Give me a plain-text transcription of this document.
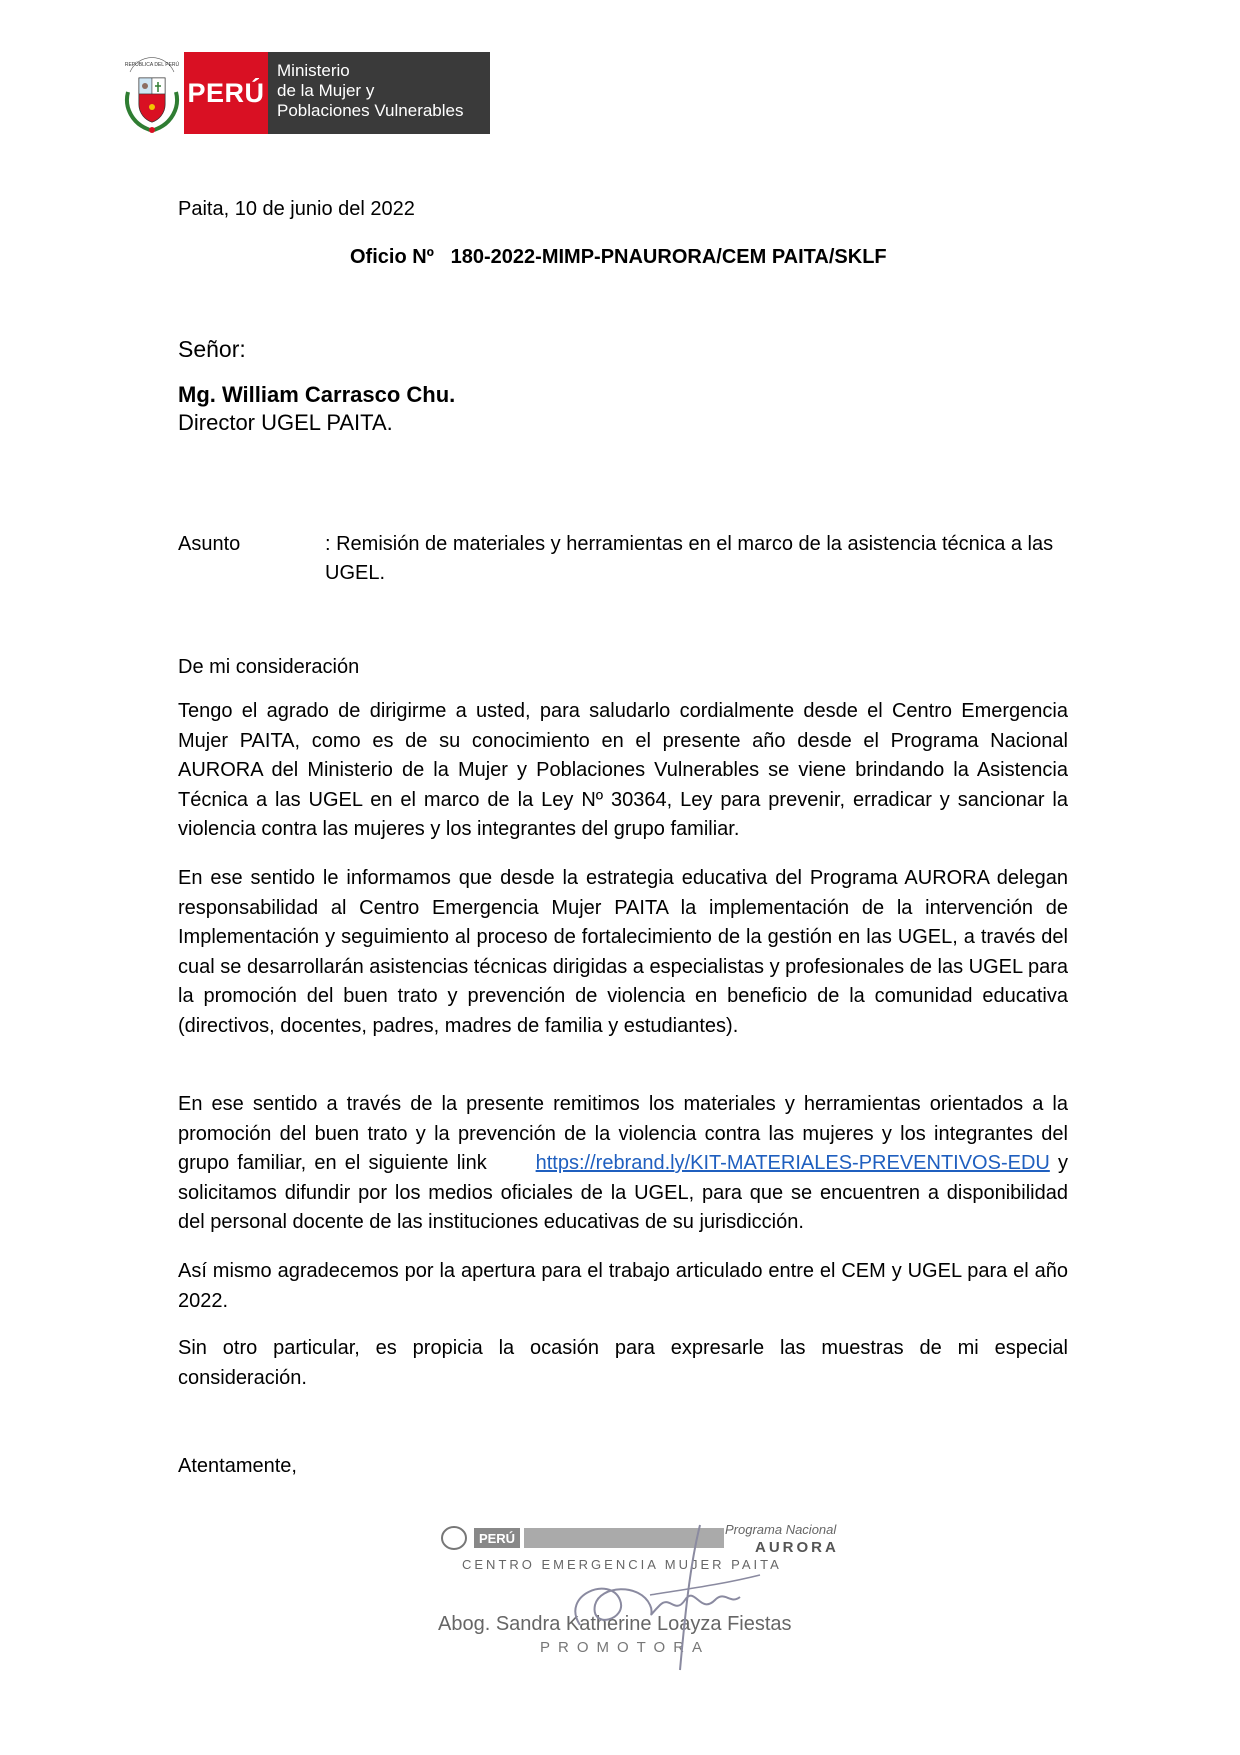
REPÚBLICA DEL PERÚ
PERÚ
Ministerio
de la Mujer y
Poblaciones Vulnerables
Paita, 10 de junio del 2022
Oficio Nº   180-2022-MIMP-PNAURORA/CEM PAITA/SKLF
Señor:
Mg. William Carrasco Chu.
Director UGEL PAITA.
Asunto	: Remisión de materiales y herramientas en el marco de la asistencia técnica a las UGEL.
De mi consideración
Tengo el agrado de dirigirme a usted, para saludarlo cordialmente desde el Centro Emergencia Mujer PAITA, como es de su conocimiento en el presente año desde el Programa Nacional AURORA del Ministerio de la Mujer y Poblaciones Vulnerables se viene brindando la Asistencia Técnica a las UGEL en el marco de la Ley Nº 30364, Ley para prevenir, erradicar y sancionar la violencia contra las mujeres y los integrantes del grupo familiar.
En ese sentido le informamos que desde la estrategia educativa del Programa AURORA delegan responsabilidad al Centro Emergencia Mujer PAITA la implementación de la intervención de Implementación y seguimiento al proceso de fortalecimiento de la gestión en las UGEL, a través del cual se desarrollarán asistencias técnicas dirigidas a especialistas y profesionales de las UGEL para la promoción del buen trato y prevención de violencia en beneficio de la comunidad educativa (directivos, docentes, padres, madres de familia y estudiantes).
En ese sentido a través de la presente remitimos los materiales y herramientas orientados a la promoción del buen trato y la prevención de la violencia contra las mujeres y los integrantes del grupo familiar, en el siguiente link      https://rebrand.ly/KIT-MATERIALES-PREVENTIVOS-EDU y solicitamos difundir por los medios oficiales de la UGEL, para que se encuentren a disponibilidad del personal docente de las instituciones educativas de su jurisdicción.
Así mismo agradecemos por la apertura para el trabajo articulado entre el CEM y UGEL para el año 2022.
Sin otro particular, es propicia la ocasión para expresarle las muestras de mi especial consideración.
Atentamente,
PERÚ
Programa Nacional
AURORA
CENTRO EMERGENCIA MUJER PAITA
Abog. Sandra Katherine Loayza Fiestas
PROMOTORA
